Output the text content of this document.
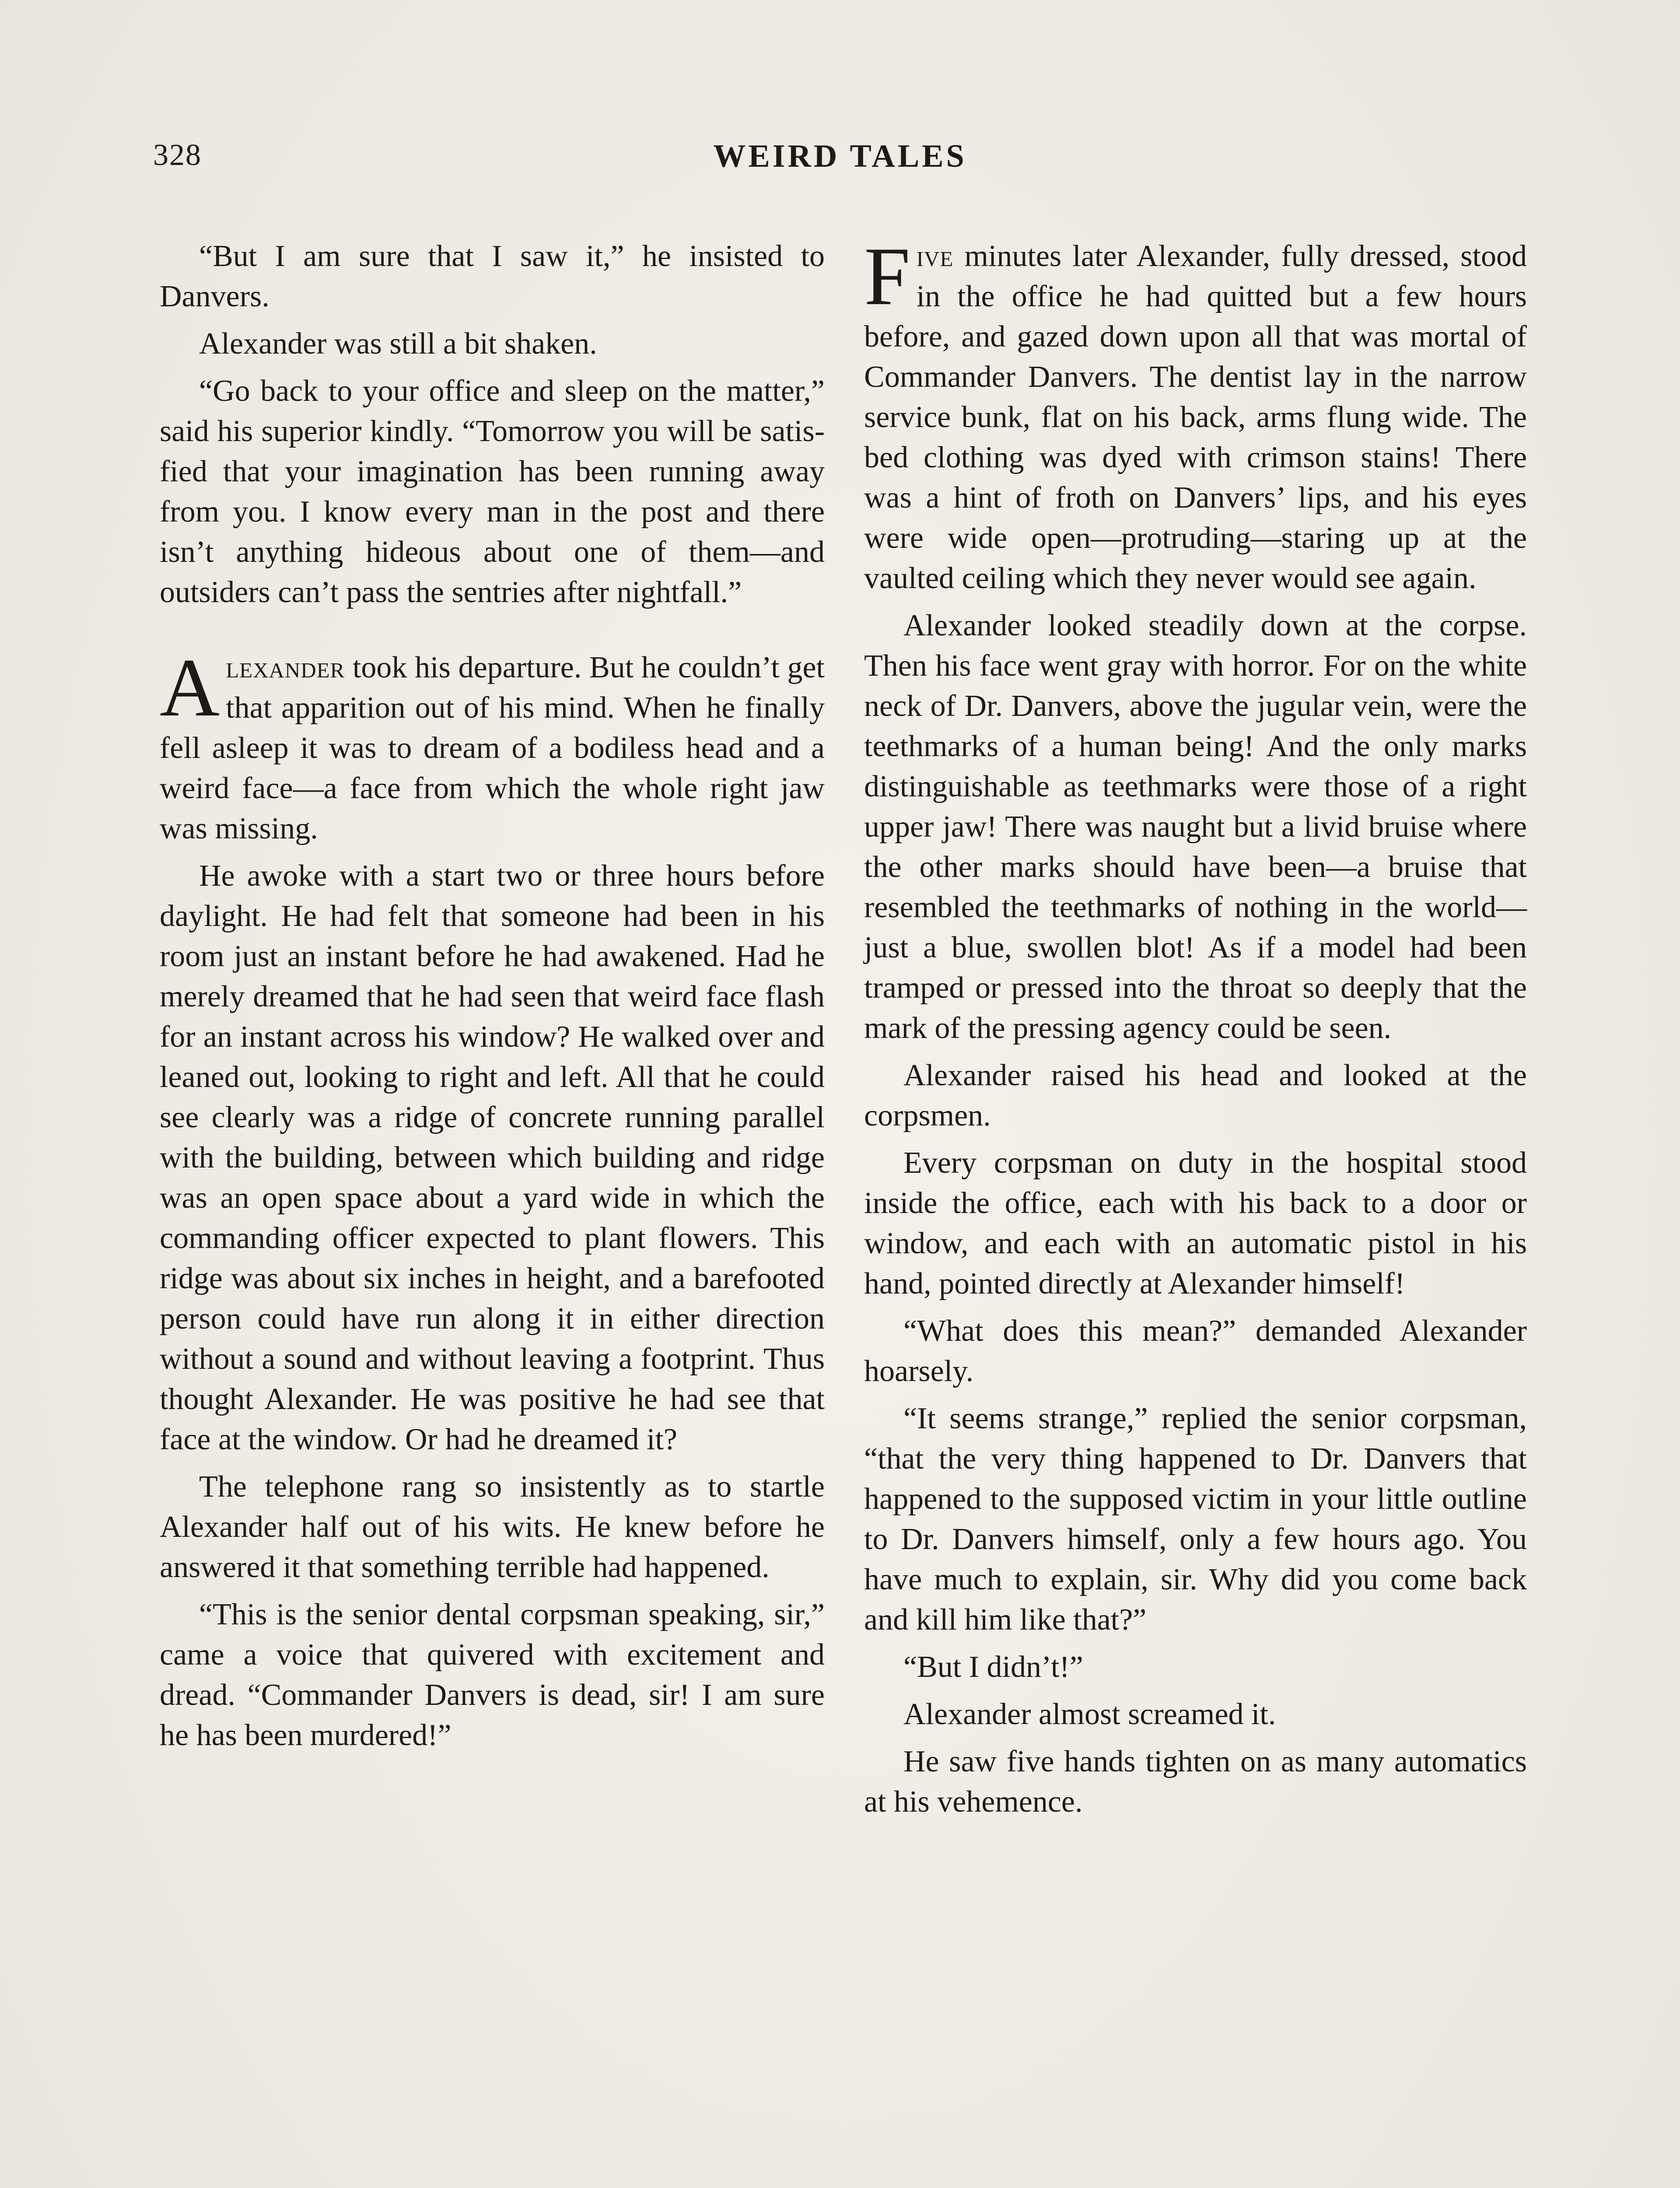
328	WEIRD TALES

“But I am sure that I saw it,” he insisted to Danvers.

Alexander was still a bit shaken.

“Go back to your office and sleep on the matter,” said his superior kindly. “Tomorrow you will be satisfied that your imagination has been running away from you. I know every man in the post and there isn’t anything hideous about one of them—and outsiders can’t pass the sentries after nightfall.”

Alexander took his departure. But he couldn’t get that apparition out of his mind. When he finally fell asleep it was to dream of a bodiless head and a weird face—a face from which the whole right jaw was missing.

He awoke with a start two or three hours before daylight. He had felt that someone had been in his room just an instant before he had awakened. Had he merely dreamed that he had seen that weird face flash for an instant across his window? He walked over and leaned out, looking to right and left. All that he could see clearly was a ridge of concrete running parallel with the building, between which building and ridge was an open space about a yard wide in which the commanding officer expected to plant flowers. This ridge was about six inches in height, and a barefooted person could have run along it in either direction without a sound and without leaving a footprint. Thus thought Alexander. He was positive he had see that face at the window. Or had he dreamed it?

The telephone rang so insistently as to startle Alexander half out of his wits. He knew before he answered it that something terrible had happened.

“This is the senior dental corpsman speaking, sir,” came a voice that quivered with excitement and dread. “Commander Danvers is dead, sir! I am sure he has been murdered!”

Five minutes later Alexander, fully dressed, stood in the office he had quitted but a few hours before, and gazed down upon all that was mortal of Commander Danvers. The dentist lay in the narrow service bunk, flat on his back, arms flung wide. The bed clothing was dyed with crimson stains! There was a hint of froth on Danvers’ lips, and his eyes were wide open—protruding—staring up at the vaulted ceiling which they never would see again.

Alexander looked steadily down at the corpse. Then his face went gray with horror. For on the white neck of Dr. Danvers, above the jugular vein, were the teethmarks of a human being! And the only marks distinguishable as teethmarks were those of a right upper jaw! There was naught but a livid bruise where the other marks should have been—a bruise that resembled the teethmarks of nothing in the world—just a blue, swollen blot! As if a model had been tramped or pressed into the throat so deeply that the mark of the pressing agency could be seen.

Alexander raised his head and looked at the corpsmen.

Every corpsman on duty in the hospital stood inside the office, each with his back to a door or window, and each with an automatic pistol in his hand, pointed directly at Alexander himself!

“What does this mean?” demanded Alexander hoarsely.

“It seems strange,” replied the senior corpsman, “that the very thing happened to Dr. Danvers that happened to the supposed victim in your little outline to Dr. Danvers himself, only a few hours ago. You have much to explain, sir. Why did you come back and kill him like that?”

“But I didn’t!”

Alexander almost screamed it.

He saw five hands tighten on as many automatics at his vehemence.
